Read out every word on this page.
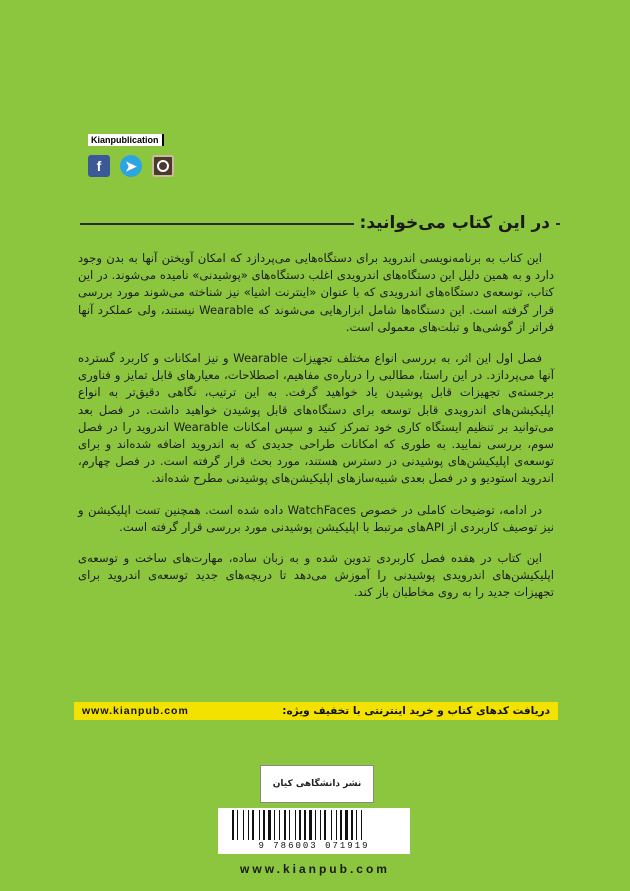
Kianpublication
f	➤
در این کتاب می‌خوانید:

این کتاب به برنامه‌نویسی اندروید برای دستگاه‌هایی می‌پردازد که امکان آویختن آنها به بدن وجود دارد و به همین دلیل این دستگاه‌های اندرویدی اغلب دستگاه‌های «پوشیدنی» نامیده می‌شوند. در این کتاب، توسعه‌ی دستگاه‌های اندرویدی که با عنوان «اینترنت اشیا» نیز شناخته می‌شوند مورد بررسی قرار گرفته است. این دستگاه‌ها شامل ابزارهایی می‌شوند که Wearable نیستند، ولی عملکرد آنها فراتر از گوشی‌ها و تبلت‌های معمولی است.

فصل اول این اثر، به بررسی انواع مختلف تجهیزات Wearable و نیز امکانات و کاربرد گسترده آنها می‌پردازد. در این راستا، مطالبی را درباره‌ی مفاهیم، اصطلاحات، معیارهای قابل تمایز و فناوری برجسته‌ی تجهیزات قابل پوشیدن یاد خواهید گرفت. به این ترتیب، نگاهی دقیق‌تر به انواع اپلیکیشن‌های اندرویدی قابل توسعه برای دستگاه‌های قابل پوشیدن خواهید داشت. در فصل بعد می‌توانید بر تنظیم ایستگاه کاری خود تمرکز کنید و سپس امکانات Wearable اندروید را در فصل سوم، بررسی نمایید. به طوری که امکانات طراحی جدیدی که به اندروید اضافه شده‌اند و برای توسعه‌ی اپلیکیشن‌های پوشیدنی در دسترس هستند، مورد بحث قرار گرفته است. در فصل چهارم، اندروید استودیو و در فصل بعدی شبیه‌سازهای اپلیکیشن‌های پوشیدنی مطرح شده‌اند.

در ادامه، توضیحات کاملی در خصوص WatchFaces داده شده است. همچنین تست اپلیکیشن و نیز توصیف کاربردی از APIهای مرتبط با اپلیکیشن پوشیدنی مورد بررسی قرار گرفته است.

این کتاب در هفده فصل کاربردی تدوین شده و به زبان ساده، مهارت‌های ساخت و توسعه‌ی اپلیکیشن‌های اندرویدی پوشیدنی را آموزش می‌دهد تا دریچه‌های جدید توسعه‌ی اندروید برای تجهیزات جدید را به روی مخاطبان باز کند.

www.kianpub.com	دریافت کدهای کتاب و خرید اینترنتی با تخفیف ویژه:
نشر دانشگاهی کیان
9 786003 071919
www.kianpub.com
